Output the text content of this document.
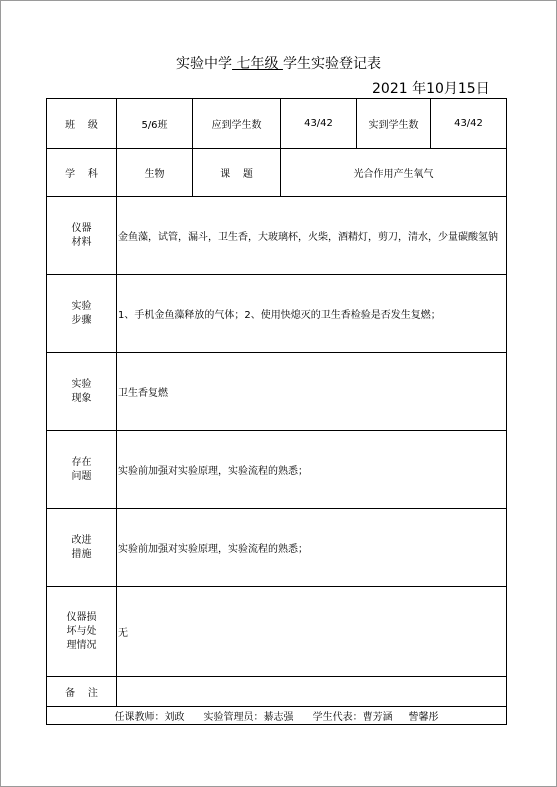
实验中学 七年级 学生实验登记表
2021 年10月15日
班    级	5/6班	应到学生数	43/42	实到学生数	43/42
学    科	生物	课    题	光合作用产生氧气		
仪器
材料	金鱼藻，试管，漏斗，卫生香，大玻璃杯，火柴，酒精灯，剪刀，清水，少量碳酸氢钠				
实验
步骤	1、手机金鱼藻释放的气体；2、使用快熄灭的卫生香检验是否发生复燃；				
实验
现象	卫生香复燃				
存在
问题	实验前加强对实验原理，实验流程的熟悉；				
改进
措施	实验前加强对实验原理，实验流程的熟悉；				
仪器损
坏与处
理情况	无				
备    注					
任课教师：刘政      实验管理员：綦志强      学生代表：曹芳涵     訾馨彤					
